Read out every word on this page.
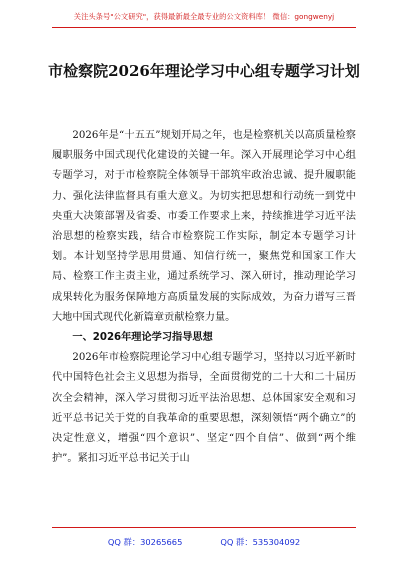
关注头条号"公文研究"，获得最新最全最专业的公文资料库！ 微信：gongwenyj
市检察院2026年理论学习中心组专题学习计划

2026年是“十五五”规划开局之年，也是检察机关以高质量检察履职服务中国式现代化建设的关键一年。深入开展理论学习中心组专题学习，对于市检察院全体领导干部筑牢政治忠诚、提升履职能力、强化法律监督具有重大意义。为切实把思想和行动统一到党中央重大决策部署及省委、市委工作要求上来，持续推进学习近平法治思想的检察实践，结合市检察院工作实际，制定本专题学习计划。本计划坚持学思用贯通、知信行统一，聚焦党和国家工作大局、检察工作主责主业，通过系统学习、深入研讨，推动理论学习成果转化为服务保障地方高质量发展的实际成效，为奋力谱写三晋大地中国式现代化新篇章贡献检察力量。

一、2026年理论学习指导思想

2026年市检察院理论学习中心组专题学习，坚持以习近平新时代中国特色社会主义思想为指导，全面贯彻党的二十大和二十届历次全会精神，深入学习贯彻习近平法治思想、总体国家安全观和习近平总书记关于党的自我革命的重要思想，深刻领悟“两个确立”的决定性意义，增强“四个意识”、坚定“四个自信”、做到“两个维护”。紧扣习近平总书记关于山

QQ 群：30265665	QQ 群：535304092
